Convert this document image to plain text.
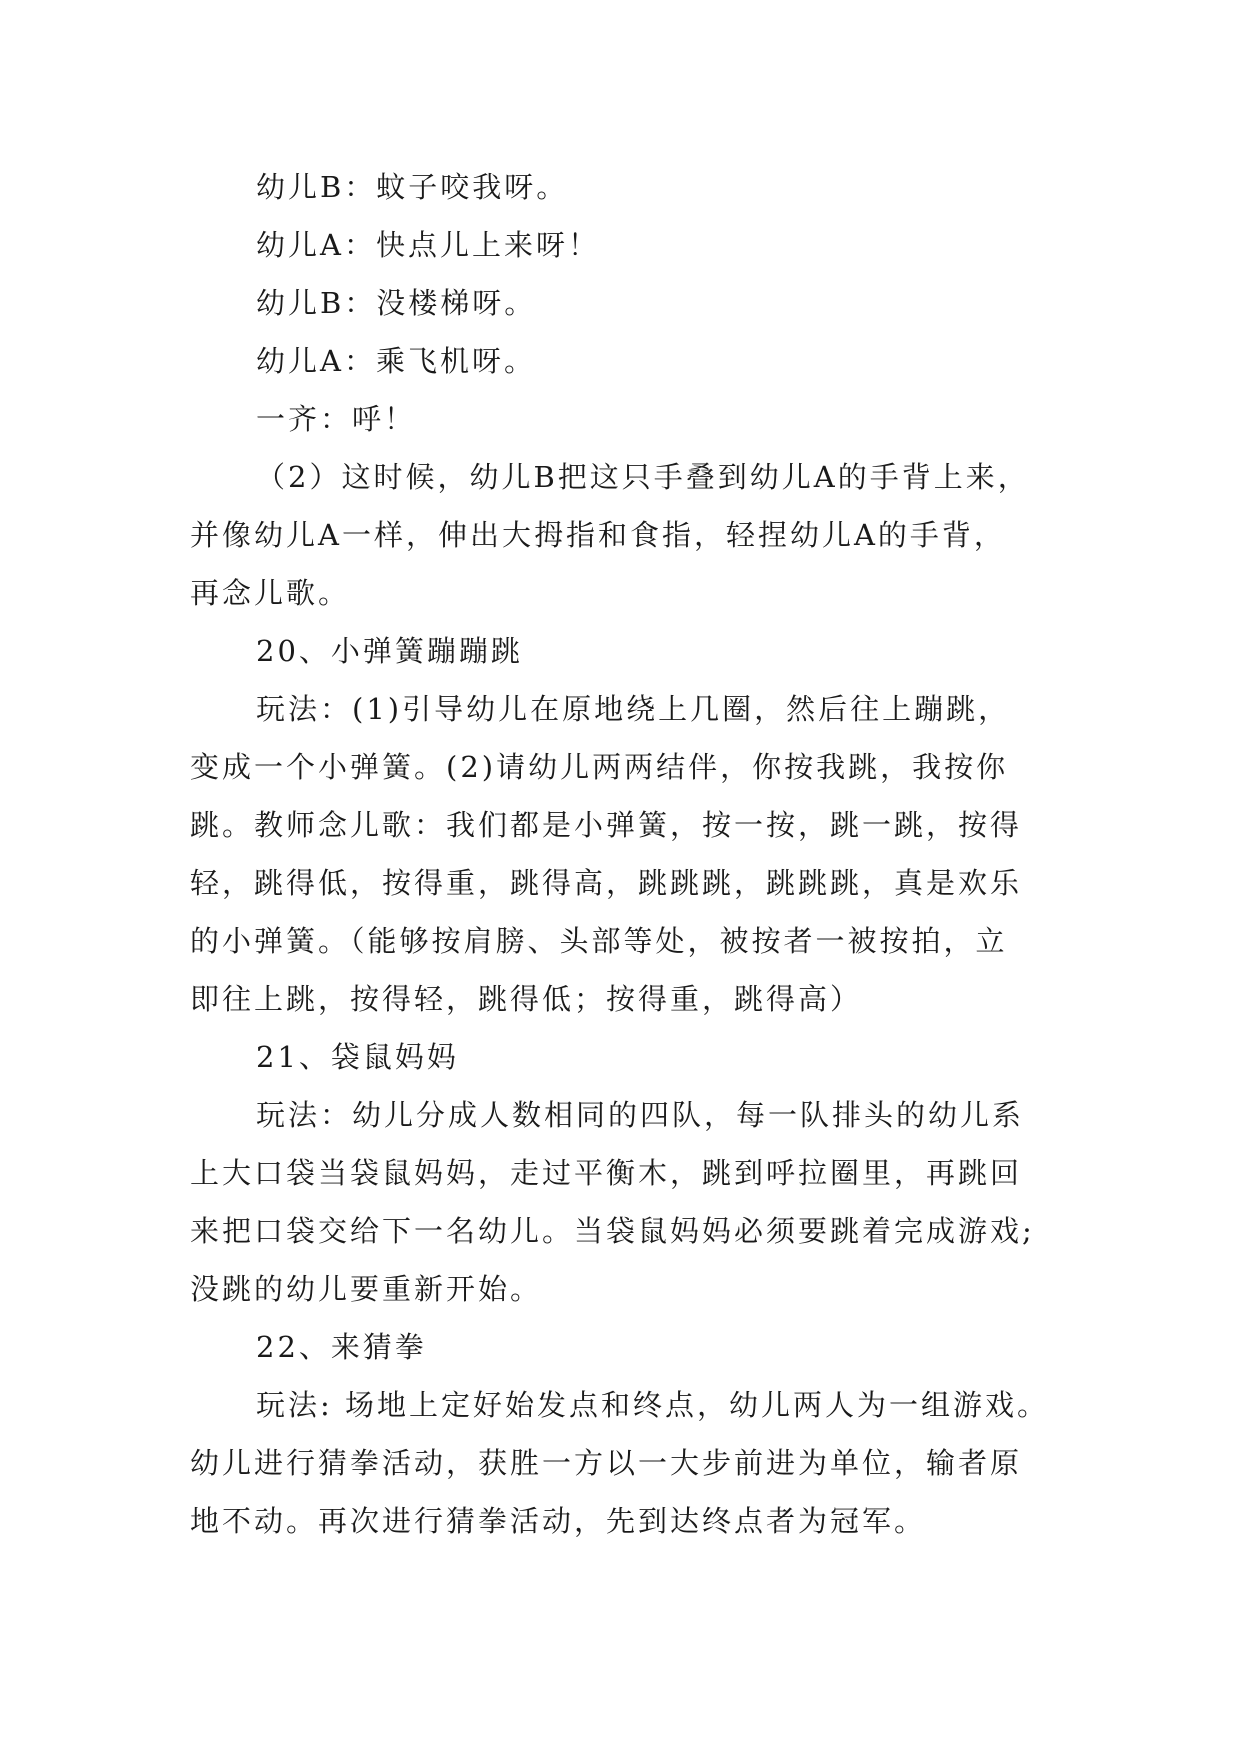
幼儿B：蚊子咬我呀。
幼儿A：快点儿上来呀！
幼儿B：没楼梯呀。
幼儿A：乘飞机呀。
一齐：呼！
（2）这时候，幼儿B把这只手叠到幼儿A的手背上来，
并像幼儿A一样，伸出大拇指和食指，轻捏幼儿A的手背，
再念儿歌。
20、小弹簧蹦蹦跳
玩法：(1)引导幼儿在原地绕上几圈，然后往上蹦跳，
变成一个小弹簧。(2)请幼儿两两结伴，你按我跳，我按你
跳。教师念儿歌：我们都是小弹簧，按一按，跳一跳，按得
轻，跳得低，按得重，跳得高，跳跳跳，跳跳跳，真是欢乐
的小弹簧。（能够按肩膀、头部等处，被按者一被按拍，立
即往上跳，按得轻，跳得低；按得重，跳得高）
21、袋鼠妈妈
玩法：幼儿分成人数相同的四队，每一队排头的幼儿系
上大口袋当袋鼠妈妈，走过平衡木，跳到呼拉圈里，再跳回
来把口袋交给下一名幼儿。当袋鼠妈妈必须要跳着完成游戏;
没跳的幼儿要重新开始。
22、来猜拳
玩法: 场地上定好始发点和终点，幼儿两人为一组游戏。
幼儿进行猜拳活动，获胜一方以一大步前进为单位，输者原
地不动。再次进行猜拳活动，先到达终点者为冠军。
